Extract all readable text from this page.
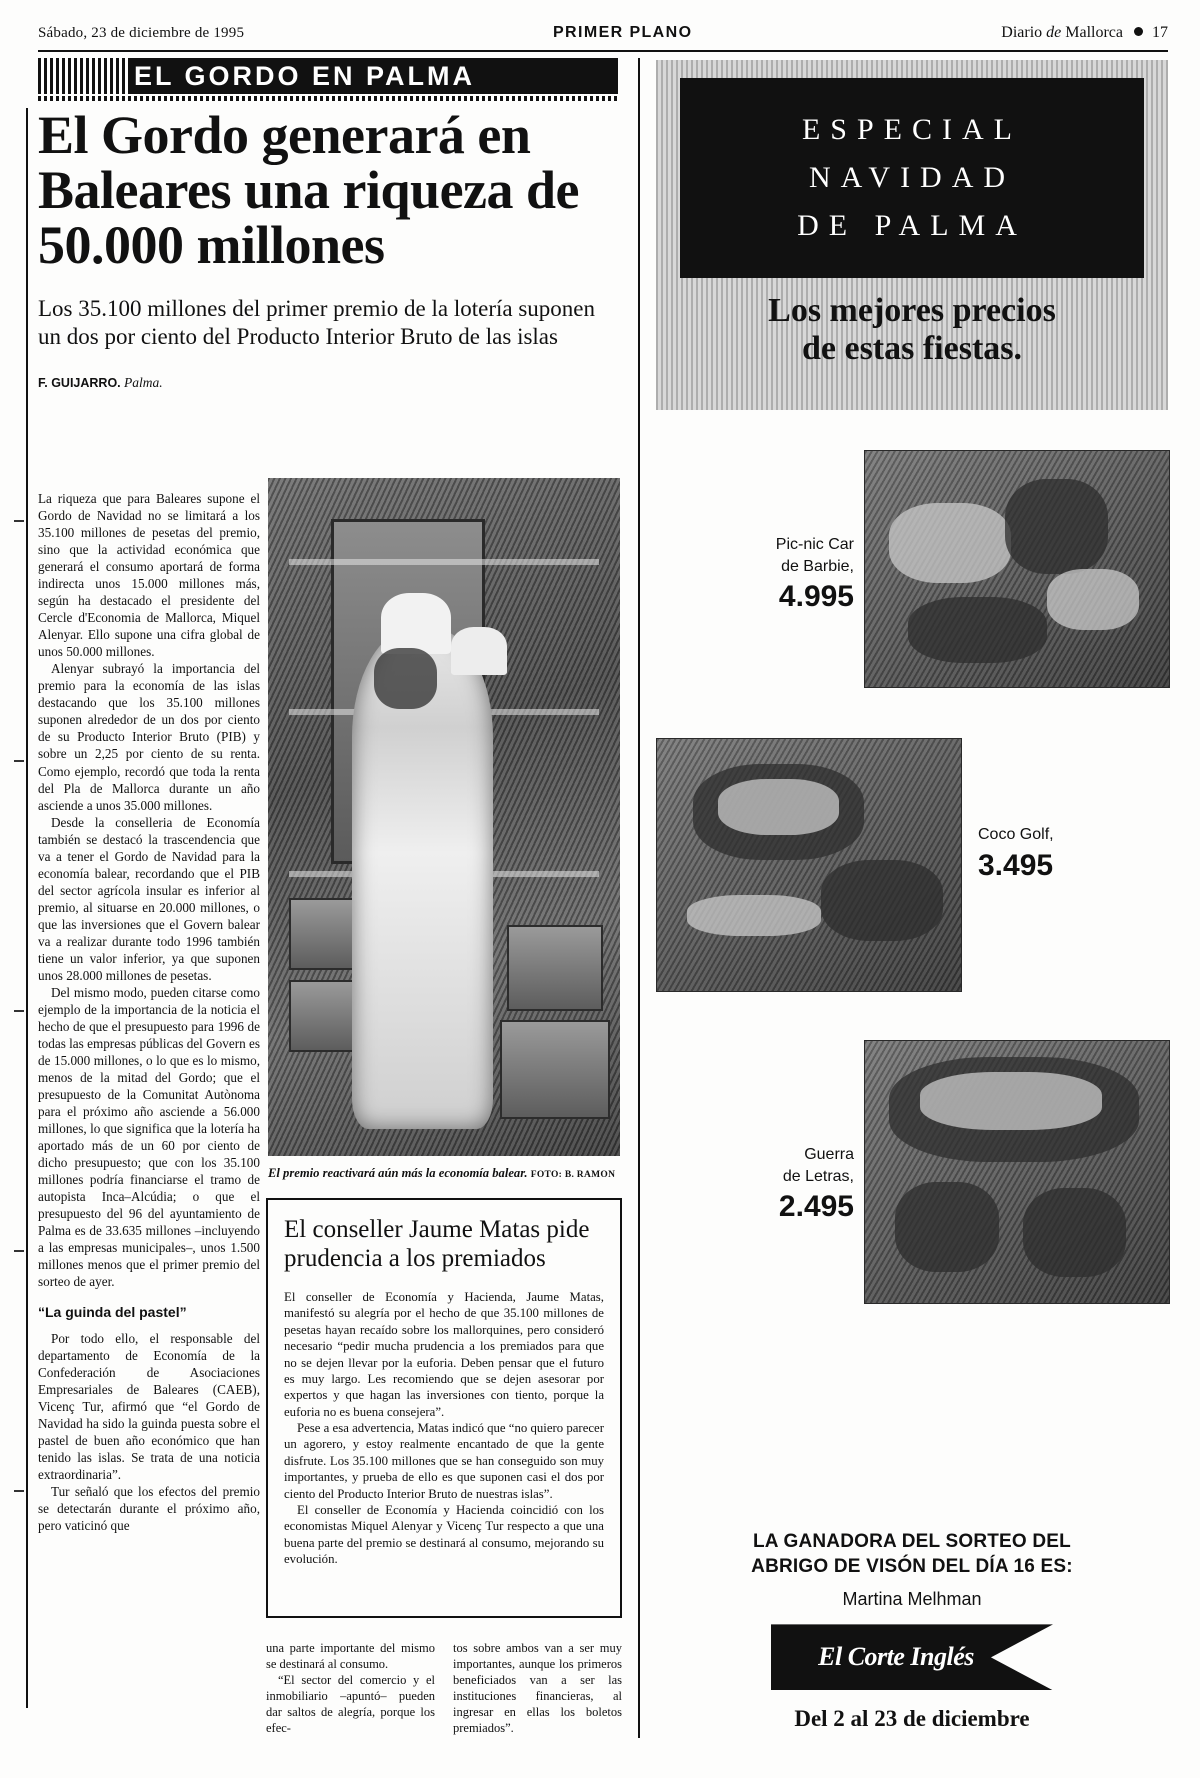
Sábado, 23 de diciembre de 1995	PRIMER PLANO	Diario de Mallorca 17
EL GORDO EN PALMA
El Gordo generará en Baleares una riqueza de 50.000 millones
Los 35.100 millones del primer premio de la lotería suponen un dos por ciento del Producto Interior Bruto de las islas
F. GUIJARRO. Palma.

La riqueza que para Baleares supone el Gordo de Navidad no se limitará a los 35.100 millones de pesetas del premio, sino que la actividad económica que generará el consumo aportará de forma indirecta unos 15.000 millones más, según ha destacado el presidente del Cercle d'Economia de Mallorca, Miquel Alenyar. Ello supone una cifra global de unos 50.000 millones.

Alenyar subrayó la importancia del premio para la economía de las islas destacando que los 35.100 millones suponen alrededor de un dos por ciento de su Producto Interior Bruto (PIB) y sobre un 2,25 por ciento de su renta. Como ejemplo, recordó que toda la renta del Pla de Mallorca durante un año asciende a unos 35.000 millones.

Desde la conselleria de Economía también se destacó la trascendencia que va a tener el Gordo de Navidad para la economía balear, recordando que el PIB del sector agrícola insular es inferior al premio, al situarse en 20.000 millones, o que las inversiones que el Govern balear va a realizar durante todo 1996 también tiene un valor inferior, ya que suponen unos 28.000 millones de pesetas.

Del mismo modo, pueden citarse como ejemplo de la importancia de la noticia el hecho de que el presupuesto para 1996 de todas las empresas públicas del Govern es de 15.000 millones, o lo que es lo mismo, menos de la mitad del Gordo; que el presupuesto de la Comunitat Autònoma para el próximo año asciende a 56.000 millones, lo que significa que la lotería ha aportado más de un 60 por ciento de dicho presupuesto; que con los 35.100 millones podría financiarse el tramo de autopista Inca–Alcúdia; o que el presupuesto del 96 del ayuntamiento de Palma es de 33.635 millones –incluyendo a las empresas municipales–, unos 1.500 millones menos que el primer premio del sorteo de ayer.

“La guinda del pastel”

Por todo ello, el responsable del departamento de Economía de la Confederación de Asociaciones Empresariales de Baleares (CAEB), Vicenç Tur, afirmó que “el Gordo de Navidad ha sido la guinda puesta sobre el pastel de buen año económico que han tenido las islas. Se trata de una noticia extraordinaria”.

Tur señaló que los efectos del premio se detectarán durante el próximo año, pero vaticinó que

El premio reactivará aún más la economía balear. FOTO: B. RAMON
El conseller Jaume Matas pide prudencia a los premiados

El conseller de Economía y Hacienda, Jaume Matas, manifestó su alegría por el hecho de que 35.100 millones de pesetas hayan recaído sobre los mallorquines, pero consideró necesario “pedir mucha prudencia a los premiados para que no se dejen llevar por la euforia. Deben pensar que el futuro es muy largo. Les recomiendo que se dejen asesorar por expertos y que hagan las inversiones con tiento, porque la euforia no es buena consejera”.

Pese a esa advertencia, Matas indicó que “no quiero parecer un agorero, y estoy realmente encantado de que la gente disfrute. Los 35.100 millones que se han conseguido son muy importantes, y prueba de ello es que suponen casi el dos por ciento del Producto Interior Bruto de nuestras islas”.

El conseller de Economía y Hacienda coincidió con los economistas Miquel Alenyar y Vicenç Tur respecto a que una buena parte del premio se destinará al consumo, mejorando su evolución.

una parte importante del mismo se destinará al consumo.

“El sector del comercio y el inmobiliario –apuntó– pueden dar saltos de alegría, porque los efec-

tos sobre ambos van a ser muy importantes, aunque los primeros beneficiados van a ser las instituciones financieras, al ingresar en ellas los boletos premiados”.

ESPECIAL
NAVIDAD
DE PALMA
Los mejores precios
de estas fiestas.
Pic-nic Car
de Barbie,
4.995
Coco Golf,
3.495
Guerra
de Letras,
2.495
LA GANADORA DEL SORTEO DEL
ABRIGO DE VISÓN DEL DÍA 16 ES:
Martina Melhman
El Corte Inglés
Del 2 al 23 de diciembre
